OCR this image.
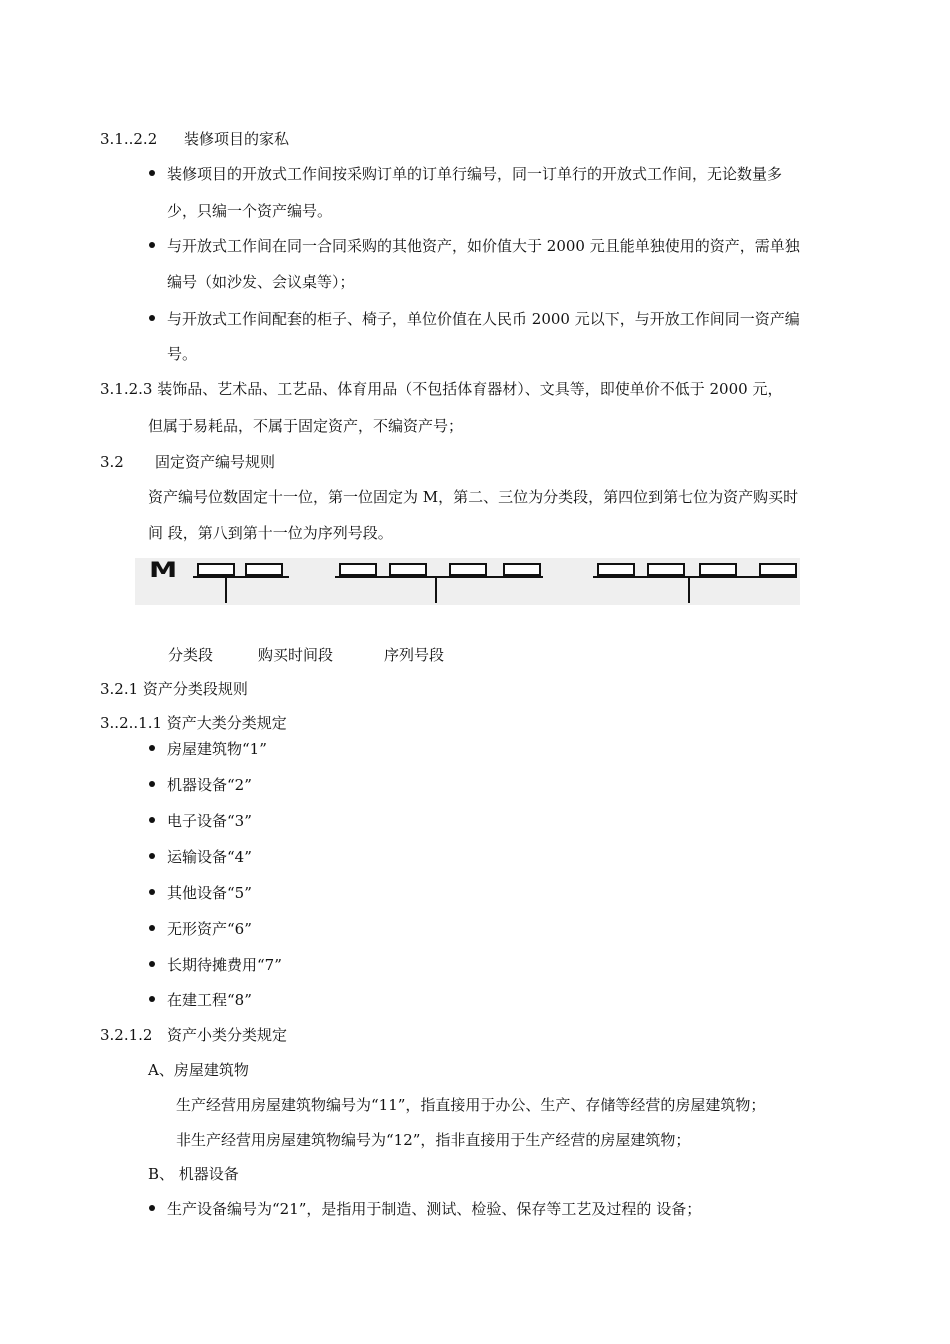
3.1..2.2 装修项目的家私
装修项目的开放式工作间按采购订单的订单行编号，同一订单行的开放式工作间，无论数量多
少，只编一个资产编号。
与开放式工作间在同一合同采购的其他资产，如价值大于 2000 元且能单独使用的资产，需单独
编号（如沙发、会议桌等）；
与开放式工作间配套的柜子、椅子，单位价值在人民币 2000 元以下，与开放工作间同一资产编
号。
3.1.2.3 装饰品、艺术品、工艺品、体育用品（不包括体育器材）、文具等，即使单价不低于 2000 元，
但属于易耗品，不属于固定资产，不编资产号；
3.2 固定资产编号规则
资产编号位数固定十一位，第一位固定为 M，第二、三位为分类段，第四位到第七位为资产购买时
间 段，第八到第十一位为序列号段。
M
分类段	购买时间段	序列号段
3.2.1 资产分类段规则
3..2..1.1 资产大类分类规定
房屋建筑物“1”
机器设备“2”
电子设备“3”
运输设备“4”
其他设备“5”
无形资产“6”
长期待摊费用“7”
在建工程“8”
3.2.1.2 资产小类分类规定
A、房屋建筑物
生产经营用房屋建筑物编号为“11”，指直接用于办公、生产、存储等经营的房屋建筑物；
非生产经营用房屋建筑物编号为“12”，指非直接用于生产经营的房屋建筑物；
B、 机器设备
生产设备编号为“21”，是指用于制造、测试、检验、保存等工艺及过程的 设备；
